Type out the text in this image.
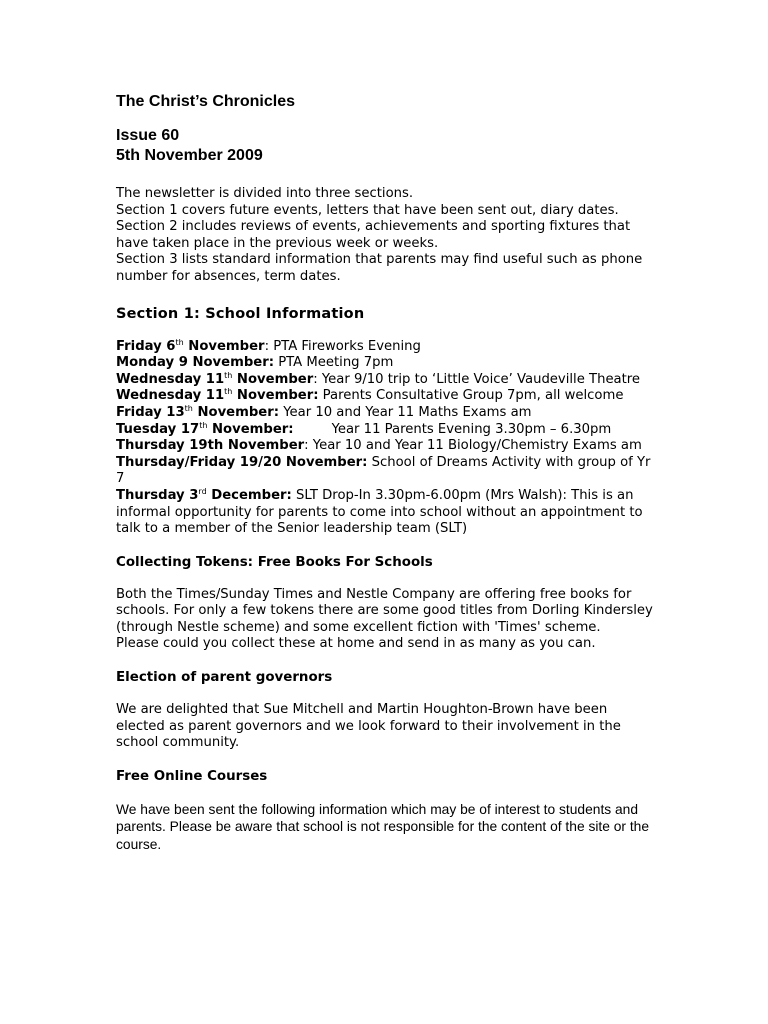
The Christ’s Chronicles
Issue 60
5th November 2009
The newsletter is divided into three sections.
Section 1 covers future events, letters that have been sent out, diary dates.
Section 2 includes reviews of events, achievements and sporting fixtures that have taken place in the previous week or weeks.
Section 3 lists standard information that parents may find useful such as phone number for absences, term dates.
Section 1: School Information
Friday 6th November: PTA Fireworks Evening
Monday 9 November: PTA Meeting 7pm
Wednesday 11th November: Year 9/10 trip to ‘Little Voice’ Vaudeville Theatre
Wednesday 11th November: Parents Consultative Group 7pm, all welcome
Friday 13th November: Year 10 and Year 11 Maths Exams am
Tuesday 17th November:	Year 11 Parents Evening 3.30pm – 6.30pm
Thursday 19th November: Year 10 and Year 11 Biology/Chemistry Exams am
Thursday/Friday 19/20 November: School of Dreams Activity with group of Yr 7
Thursday 3rd December: SLT Drop-In 3.30pm-6.00pm (Mrs Walsh): This is an informal opportunity for parents to come into school without an appointment to talk to a member of the Senior leadership team (SLT)
Collecting Tokens: Free Books For Schools
Both the Times/Sunday Times and Nestle Company are offering free books for schools. For only a few tokens there are some good titles from Dorling Kindersley (through Nestle scheme) and some excellent fiction with 'Times' scheme.
Please could you collect these at home and send in as many as you can.
Election of parent governors
We are delighted that Sue Mitchell and Martin Houghton-Brown have been elected as parent governors and we look forward to their involvement in the school community.
Free Online Courses
We have been sent the following information which may be of interest to students and parents. Please be aware that school is not responsible for the content of the site or the course.
